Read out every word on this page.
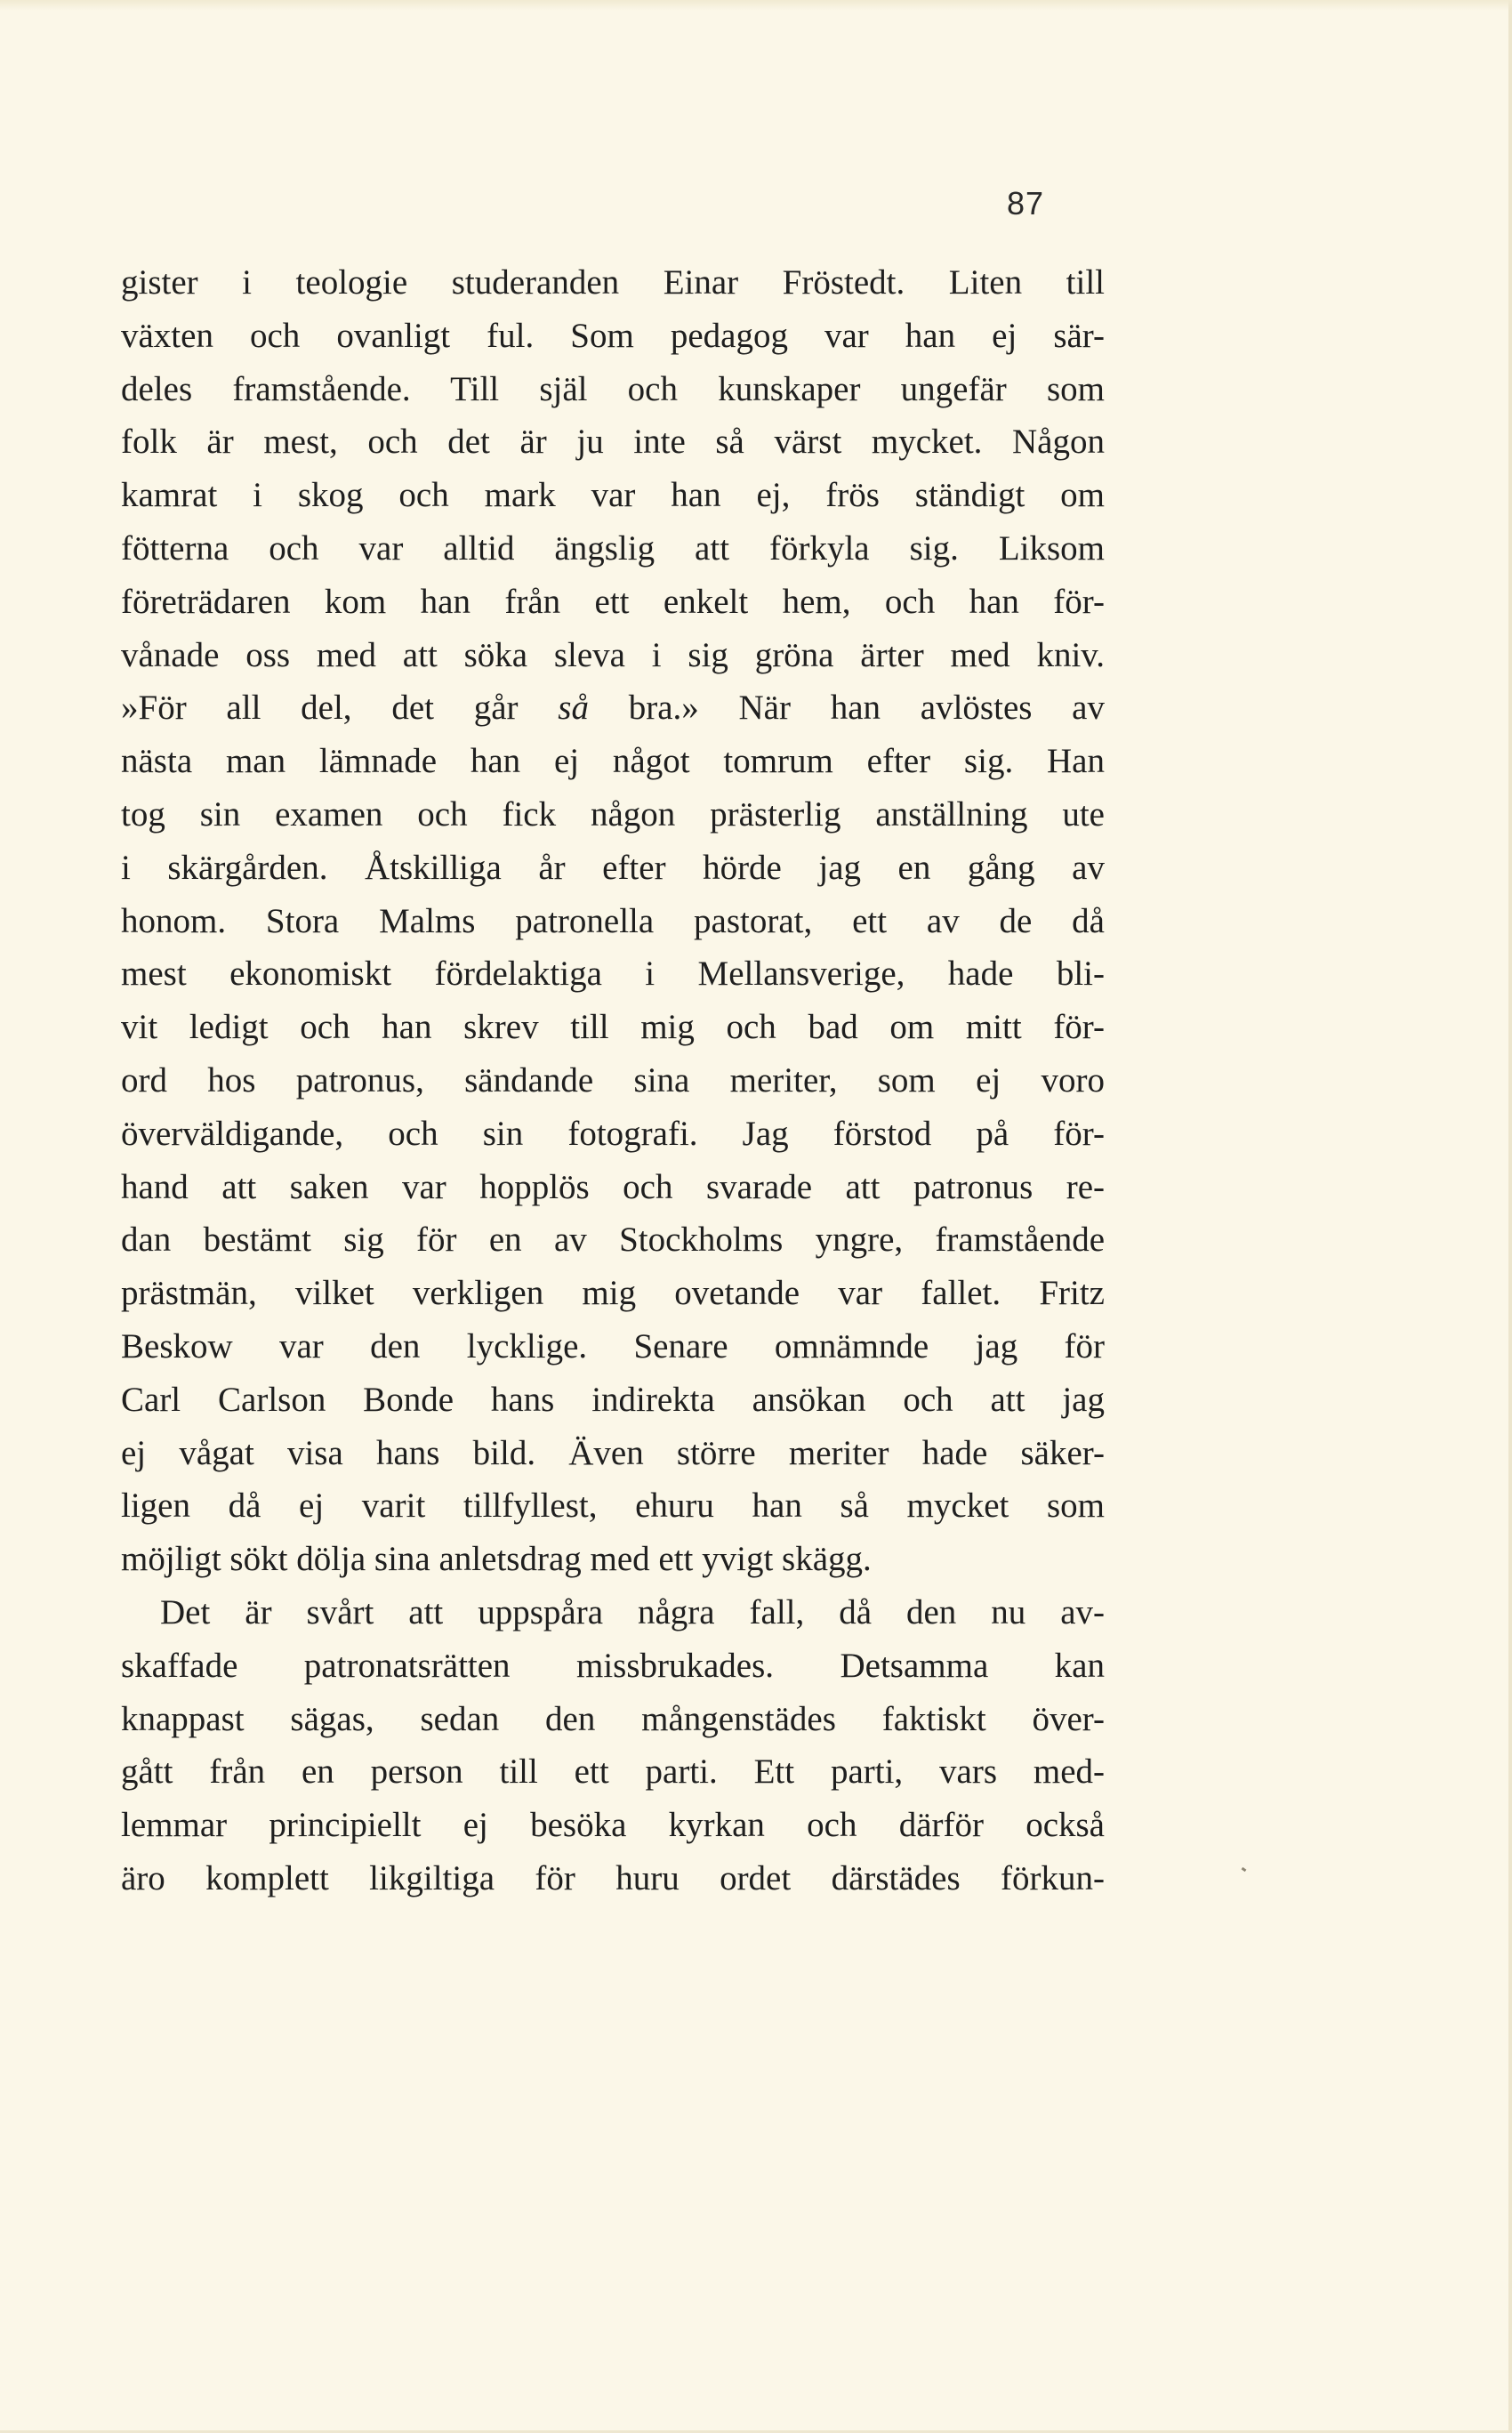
87
gister i teologie studeranden Einar Fröstedt. Liten till
växten och ovanligt ful. Som pedagog var han ej sär-
deles framstående. Till själ och kunskaper ungefär som
folk är mest, och det är ju inte så värst mycket. Någon
kamrat i skog och mark var han ej, frös ständigt om
fötterna och var alltid ängslig att förkyla sig. Liksom
företrädaren kom han från ett enkelt hem, och han för-
vånade oss med att söka sleva i sig gröna ärter med kniv.
»För all del, det går så bra.» När han avlöstes av
nästa man lämnade han ej något tomrum efter sig. Han
tog sin examen och fick någon prästerlig anställning ute
i skärgården. Åtskilliga år efter hörde jag en gång av
honom. Stora Malms patronella pastorat, ett av de då
mest ekonomiskt fördelaktiga i Mellansverige, hade bli-
vit ledigt och han skrev till mig och bad om mitt för-
ord hos patronus, sändande sina meriter, som ej voro
överväldigande, och sin fotografi. Jag förstod på för-
hand att saken var hopplös och svarade att patronus re-
dan bestämt sig för en av Stockholms yngre, framstående
prästmän, vilket verkligen mig ovetande var fallet. Fritz
Beskow var den lycklige. Senare omnämnde jag för
Carl Carlson Bonde hans indirekta ansökan och att jag
ej vågat visa hans bild. Även större meriter hade säker-
ligen då ej varit tillfyllest, ehuru han så mycket som
möjligt sökt dölja sina anletsdrag med ett yvigt skägg.
Det är svårt att uppspåra några fall, då den nu av-
skaffade patronatsrätten missbrukades. Detsamma kan
knappast sägas, sedan den mångenstädes faktiskt över-
gått från en person till ett parti. Ett parti, vars med-
lemmar principiellt ej besöka kyrkan och därför också
äro komplett likgiltiga för huru ordet därstädes förkun-
